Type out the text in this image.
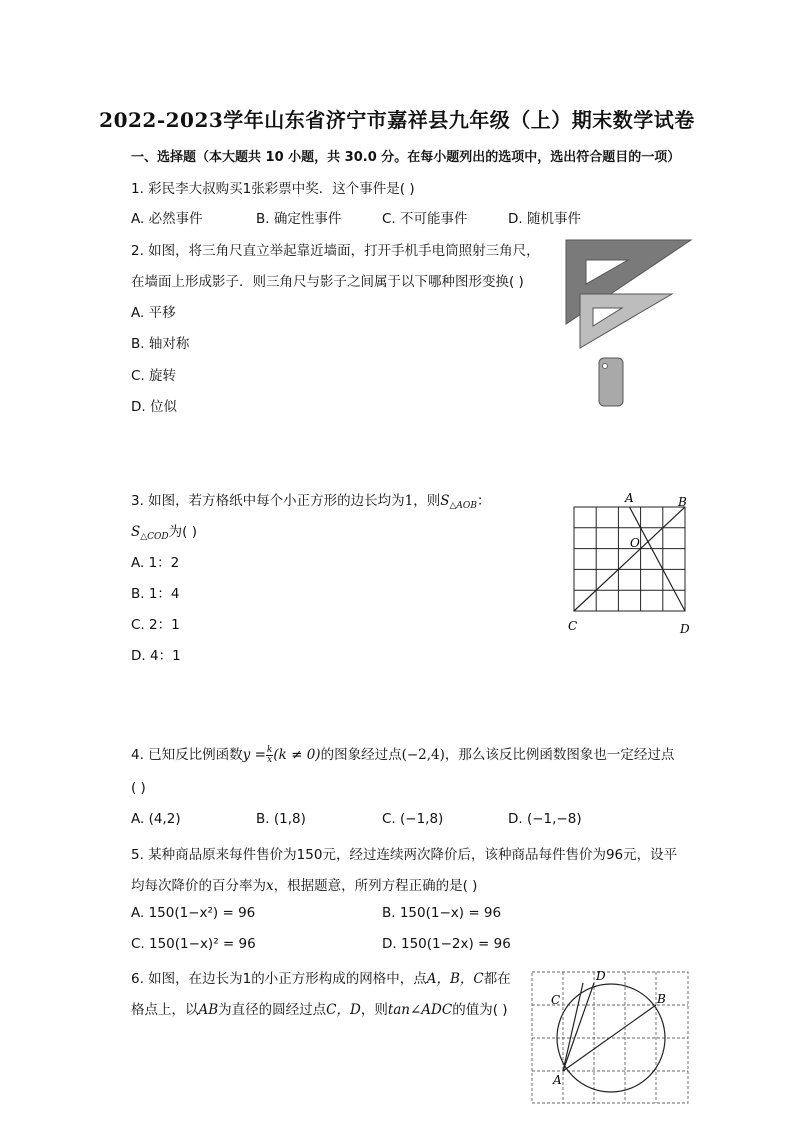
2022-2023学年山东省济宁市嘉祥县九年级（上）期末数学试卷
一、选择题（本大题共 10 小题，共 30.0 分。在每小题列出的选项中，选出符合题目的一项）
1. 彩民李大叔购买1张彩票中奖．这个事件是( )
A. 必然事件	B. 确定性事件	C. 不可能事件	D. 随机事件
2. 如图，将三角尺直立举起靠近墙面，打开手机手电筒照射三角尺，
在墙面上形成影子．则三角尺与影子之间属于以下哪种图形变换( )
A. 平移
B. 轴对称
C. 旋转
D. 位似
3. 如图，若方格纸中每个小正方形的边长均为1，则$S_{\triangle AOB}$：
$S_{\triangle COD}$为( )
A. 1：2
B. 1：4
C. 2：1
D. 4：1
A	B
C	D
O
4. 已知反比例函数$y = \frac{k}{x} (k \ne 0)$的图象经过点(−2,4)，那么该反比例函数图象也一定经过点
( )
A. (4,2)	B. (1,8)	C. (−1,8)	D. (−1,−8)
5. 某种商品原来每件售价为150元，经过连续两次降价后，该种商品每件售价为96元，设平
均每次降价的百分率为x，根据题意，所列方程正确的是( )
A. 150(1−x²) = 96	B. 150(1−x) = 96
C. 150(1−x)² = 96	D. 150(1−2x) = 96
6. 如图，在边长为1的小正方形构成的网格中，点A，B，C都在
格点上，以AB为直径的圆经过点C，D，则tan∠ADC的值为( )
A
B
C
D
